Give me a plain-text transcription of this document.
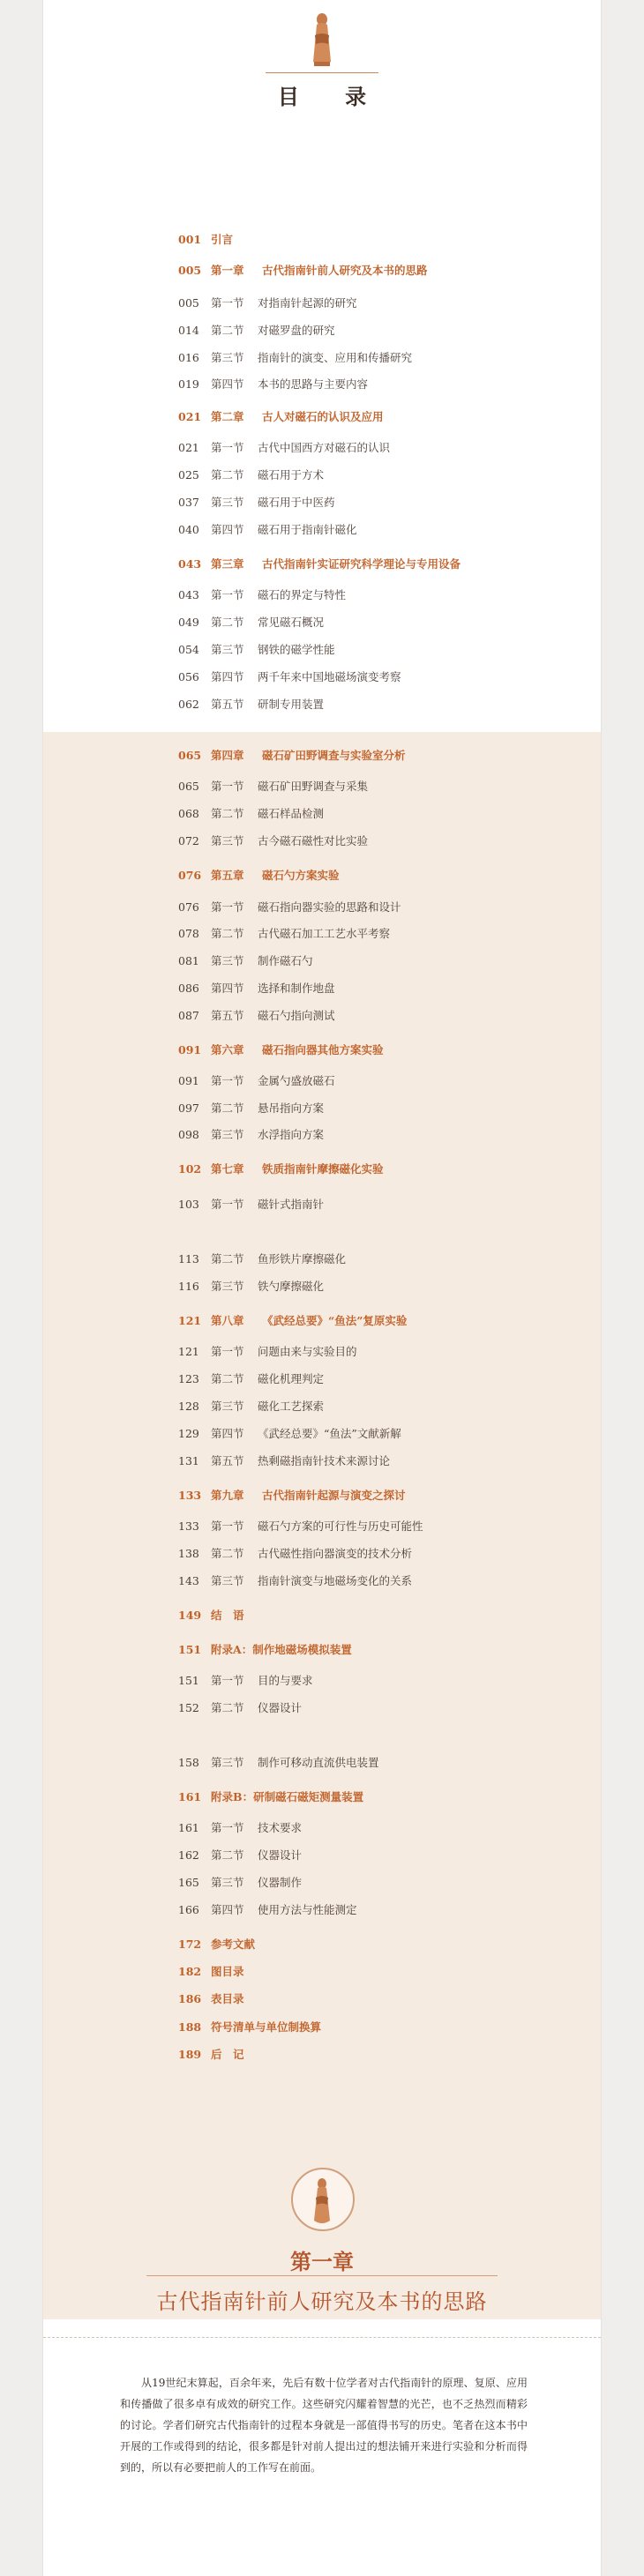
目 录
001 引言
005 第一章 古代指南针前人研究及本书的思路
005 第一节 对指南针起源的研究
014 第二节 对磁罗盘的研究
016 第三节 指南针的演变、应用和传播研究
019 第四节 本书的思路与主要内容
021 第二章 古人对磁石的认识及应用
021 第一节 古代中国西方对磁石的认识
025 第二节 磁石用于方术
037 第三节 磁石用于中医药
040 第四节 磁石用于指南针磁化
043 第三章 古代指南针实证研究科学理论与专用设备
043 第一节 磁石的界定与特性
049 第二节 常见磁石概况
054 第三节 钢铁的磁学性能
056 第四节 两千年来中国地磁场演变考察
062 第五节 研制专用装置
065 第四章 磁石矿田野调查与实验室分析
065 第一节 磁石矿田野调查与采集
068 第二节 磁石样品检测
072 第三节 古今磁石磁性对比实验
076 第五章 磁石勺方案实验
076 第一节 磁石指向器实验的思路和设计
078 第二节 古代磁石加工工艺水平考察
081 第三节 制作磁石勺
086 第四节 选择和制作地盘
087 第五节 磁石勺指向测试
091 第六章 磁石指向器其他方案实验
091 第一节 金属勺盛放磁石
097 第二节 悬吊指向方案
098 第三节 水浮指向方案
102 第七章 铁质指南针摩擦磁化实验
103 第一节 磁针式指南针
113 第二节 鱼形铁片摩擦磁化
116 第三节 铁勺摩擦磁化
121 第八章 《武经总要》“鱼法”复原实验
121 第一节 问题由来与实验目的
123 第二节 磁化机理判定
128 第三节 磁化工艺探索
129 第四节 《武经总要》“鱼法”文献新解
131 第五节 热剩磁指南针技术来源讨论
133 第九章 古代指南针起源与演变之探讨
133 第一节 磁石勺方案的可行性与历史可能性
138 第二节 古代磁性指向器演变的技术分析
143 第三节 指南针演变与地磁场变化的关系
149 结　语
151 附录A：制作地磁场模拟装置
151 第一节 目的与要求
152 第二节 仪器设计
158 第三节 制作可移动直流供电装置
161 附录B：研制磁石磁矩测量装置
161 第一节 技术要求
162 第二节 仪器设计
165 第三节 仪器制作
166 第四节 使用方法与性能测定
172 参考文献
182 图目录
186 表目录
188 符号清单与单位制换算
189 后　记
第一章
古代指南针前人研究及本书的思路
从19世纪末算起，百余年来，先后有数十位学者对古代指南针的原理、复原、应用和传播做了很多卓有成效的研究工作。这些研究闪耀着智慧的光芒，也不乏热烈而精彩的讨论。学者们研究古代指南针的过程本身就是一部值得书写的历史。笔者在这本书中开展的工作或得到的结论，很多都是针对前人提出过的想法铺开来进行实验和分析而得到的，所以有必要把前人的工作写在前面。
